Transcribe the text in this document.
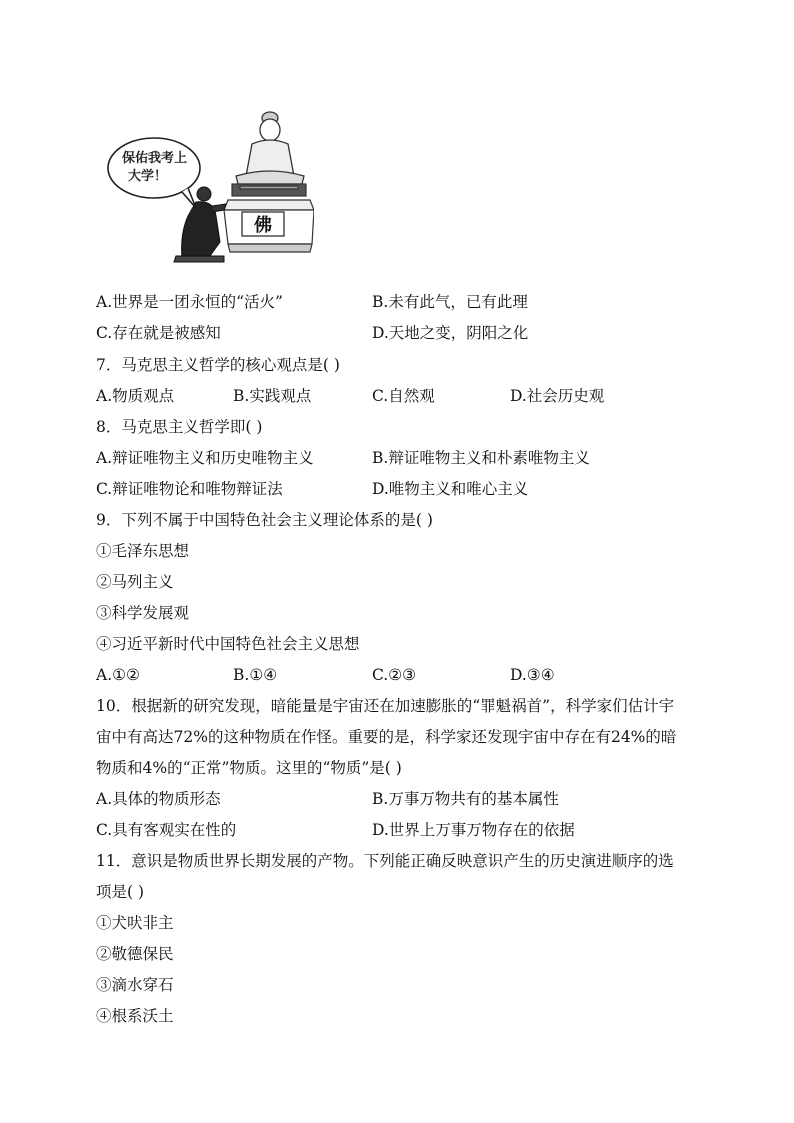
佛
保佑我考上
大学！
A.世界是一团永恒的“活火”	B.未有此气，已有此理
C.存在就是被感知	D.天地之变，阴阳之化
7．马克思主义哲学的核心观点是( )
A.物质观点	B.实践观点	C.自然观	D.社会历史观
8．马克思主义哲学即( )
A.辩证唯物主义和历史唯物主义	B.辩证唯物主义和朴素唯物主义
C.辩证唯物论和唯物辩证法	D.唯物主义和唯心主义
9．下列不属于中国特色社会主义理论体系的是( )
①毛泽东思想
②马列主义
③科学发展观
④习近平新时代中国特色社会主义思想
A.①②	B.①④	C.②③	D.③④
10．根据新的研究发现，暗能量是宇宙还在加速膨胀的“罪魁祸首”，科学家们估计宇
宙中有高达72%的这种物质在作怪。重要的是，科学家还发现宇宙中存在有24%的暗
物质和4%的“正常”物质。这里的“物质”是( )
A.具体的物质形态	B.万事万物共有的基本属性
C.具有客观实在性的	D.世界上万事万物存在的依据
11．意识是物质世界长期发展的产物。下列能正确反映意识产生的历史演进顺序的选
项是( )
①犬吠非主
②敬德保民
③滴水穿石
④根系沃土
